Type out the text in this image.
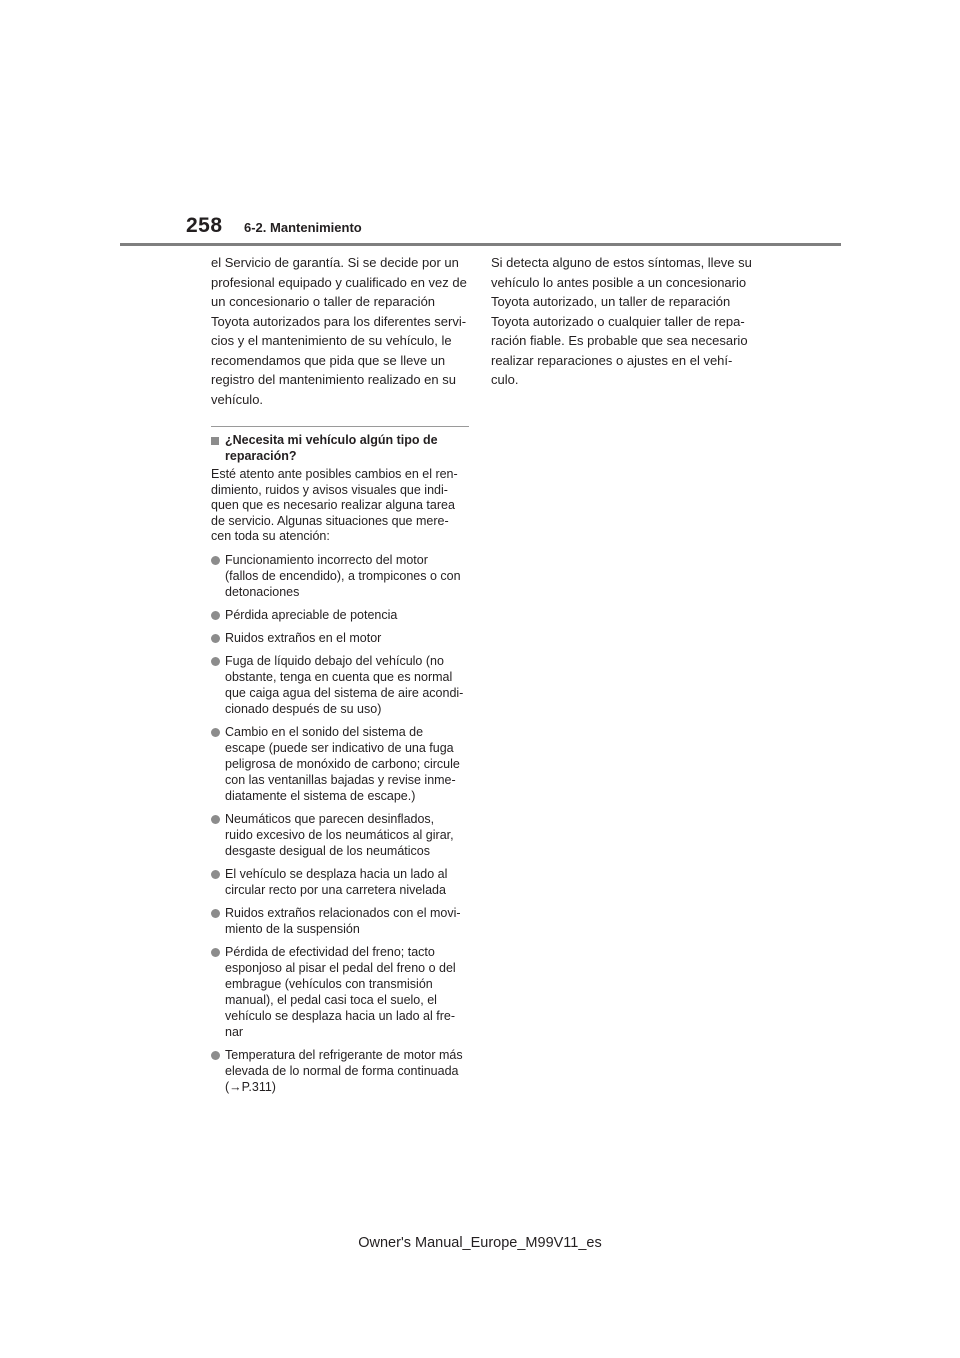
258 6-2. Mantenimiento
el Servicio de garantía. Si se decide por un
profesional equipado y cualificado en vez de
un concesionario o taller de reparación
Toyota autorizados para los diferentes servi-
cios y el mantenimiento de su vehículo, le
recomendamos que pida que se lleve un
registro del mantenimiento realizado en su
vehículo.
¿Necesita mi vehículo algún tipo de
reparación?
Esté atento ante posibles cambios en el ren-
dimiento, ruidos y avisos visuales que indi-
quen que es necesario realizar alguna tarea
de servicio. Algunas situaciones que mere-
cen toda su atención:
Funcionamiento incorrecto del motor
(fallos de encendido), a trompicones o con
detonaciones
Pérdida apreciable de potencia
Ruidos extraños en el motor
Fuga de líquido debajo del vehículo (no
obstante, tenga en cuenta que es normal
que caiga agua del sistema de aire acondi-
cionado después de su uso)
Cambio en el sonido del sistema de
escape (puede ser indicativo de una fuga
peligrosa de monóxido de carbono; circule
con las ventanillas bajadas y revise inme-
diatamente el sistema de escape.)
Neumáticos que parecen desinflados,
ruido excesivo de los neumáticos al girar,
desgaste desigual de los neumáticos
El vehículo se desplaza hacia un lado al
circular recto por una carretera nivelada
Ruidos extraños relacionados con el movi-
miento de la suspensión
Pérdida de efectividad del freno; tacto
esponjoso al pisar el pedal del freno o del
embrague (vehículos con transmisión
manual), el pedal casi toca el suelo, el
vehículo se desplaza hacia un lado al fre-
nar
Temperatura del refrigerante de motor más
elevada de lo normal de forma continuada
(→P.311)
Si detecta alguno de estos síntomas, lleve su
vehículo lo antes posible a un concesionario
Toyota autorizado, un taller de reparación
Toyota autorizado o cualquier taller de repa-
ración fiable. Es probable que sea necesario
realizar reparaciones o ajustes en el vehí-
culo.
Owner's Manual_Europe_M99V11_es
